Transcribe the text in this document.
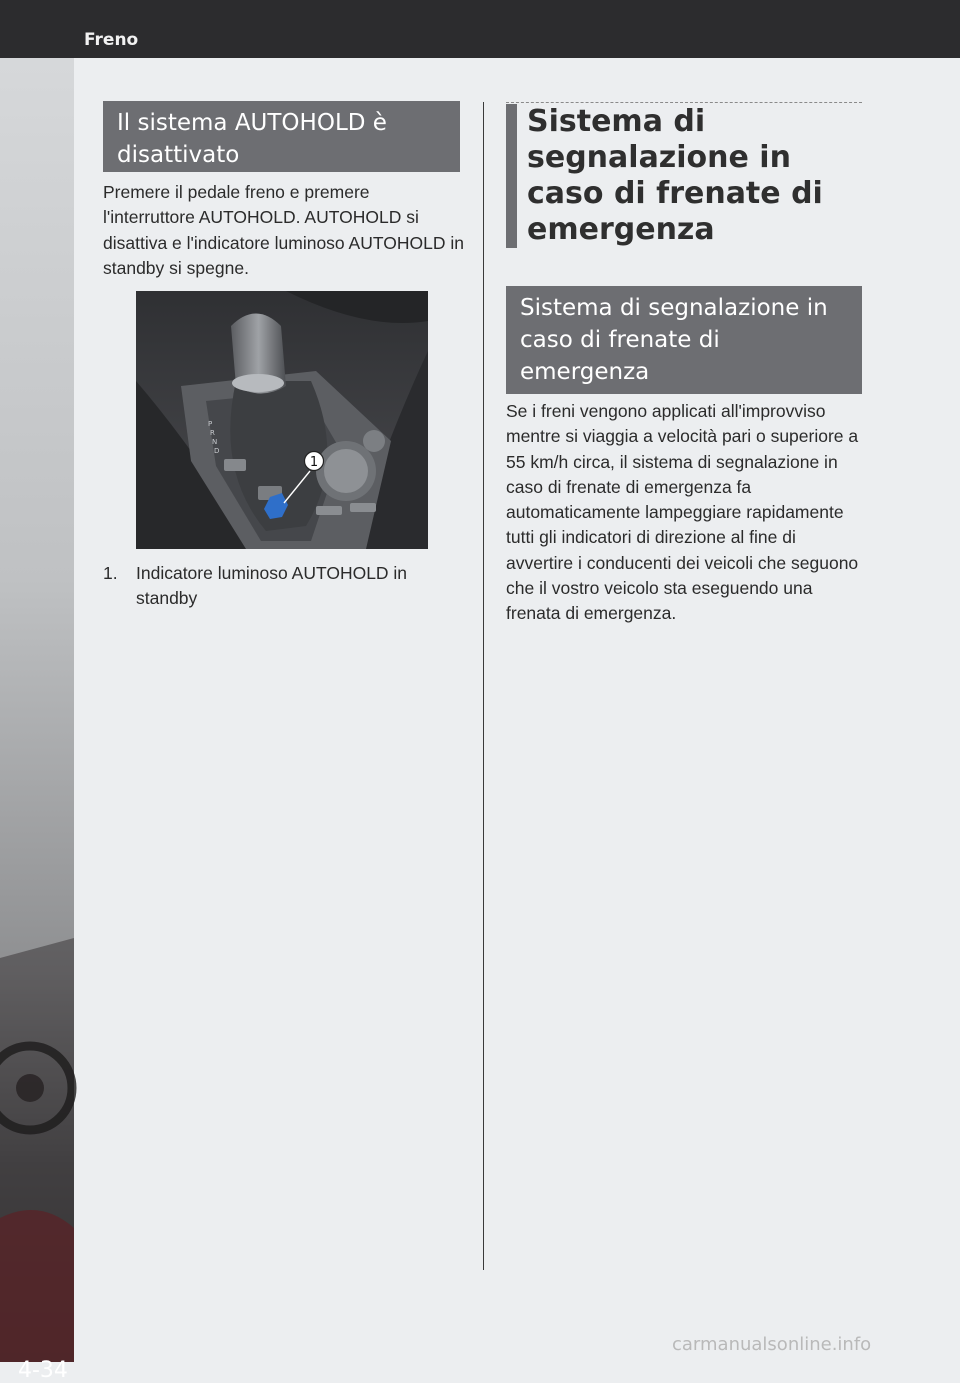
Freno
4-34
Il sistema AUTOHOLD è disattivato
Premere il pedale freno e premere l'interruttore AUTOHOLD. AUTOHOLD si disattiva e l'indicatore luminoso AUTOHOLD in standby si spegne.
P
R
N
D
1
1. Indicatore luminoso AUTOHOLD in standby
Sistema di segnalazione in caso di frenate di emergenza
Sistema di segnalazione in caso di frenate di emergenza
Se i freni vengono applicati all'improvviso mentre si viaggia a velocità pari o superiore a 55 km/h circa, il sistema di segnalazione in caso di frenate di emergenza fa automaticamente lampeggiare rapidamente tutti gli indicatori di direzione al fine di avvertire i conducenti dei veicoli che seguono che il vostro veicolo sta eseguendo una frenata di emergenza.
carmanualsonline.info
